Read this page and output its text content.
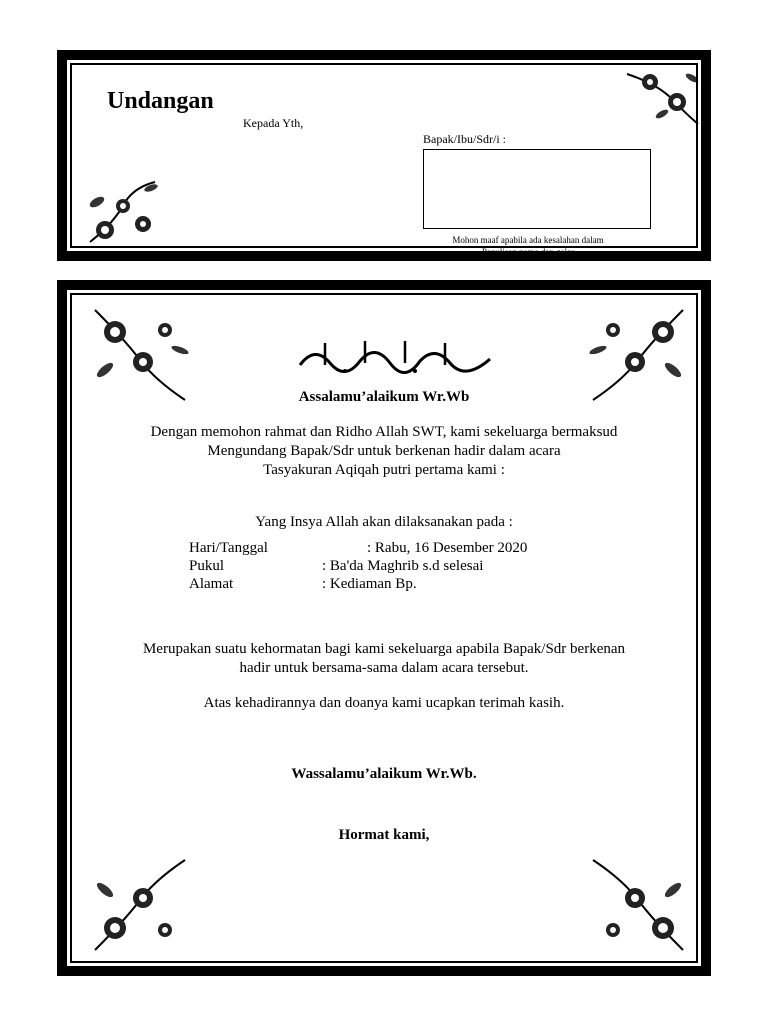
Undangan
Kepada Yth,
Bapak/Ibu/Sdr/i :
Mohon maaf apabila ada kesalahan dalam
Penulisan nama dan gelar
Assalamu’alaikum Wr.Wb
Dengan memohon rahmat dan Ridho Allah SWT, kami sekeluarga bermaksud
Mengundang Bapak/Sdr untuk berkenan hadir dalam acara
Tasyakuran Aqiqah putri pertama kami :
Yang Insya Allah akan dilaksanakan pada :
Hari/Tanggal	: Rabu, 16 Desember 2020
Pukul	: Ba'da Maghrib s.d selesai
Alamat	: Kediaman Bp.
Merupakan suatu kehormatan bagi kami sekeluarga apabila Bapak/Sdr berkenan
hadir untuk bersama-sama dalam acara tersebut.
Atas kehadirannya dan doanya kami ucapkan terimah kasih.
Wassalamu’alaikum Wr.Wb.
Hormat kami,
